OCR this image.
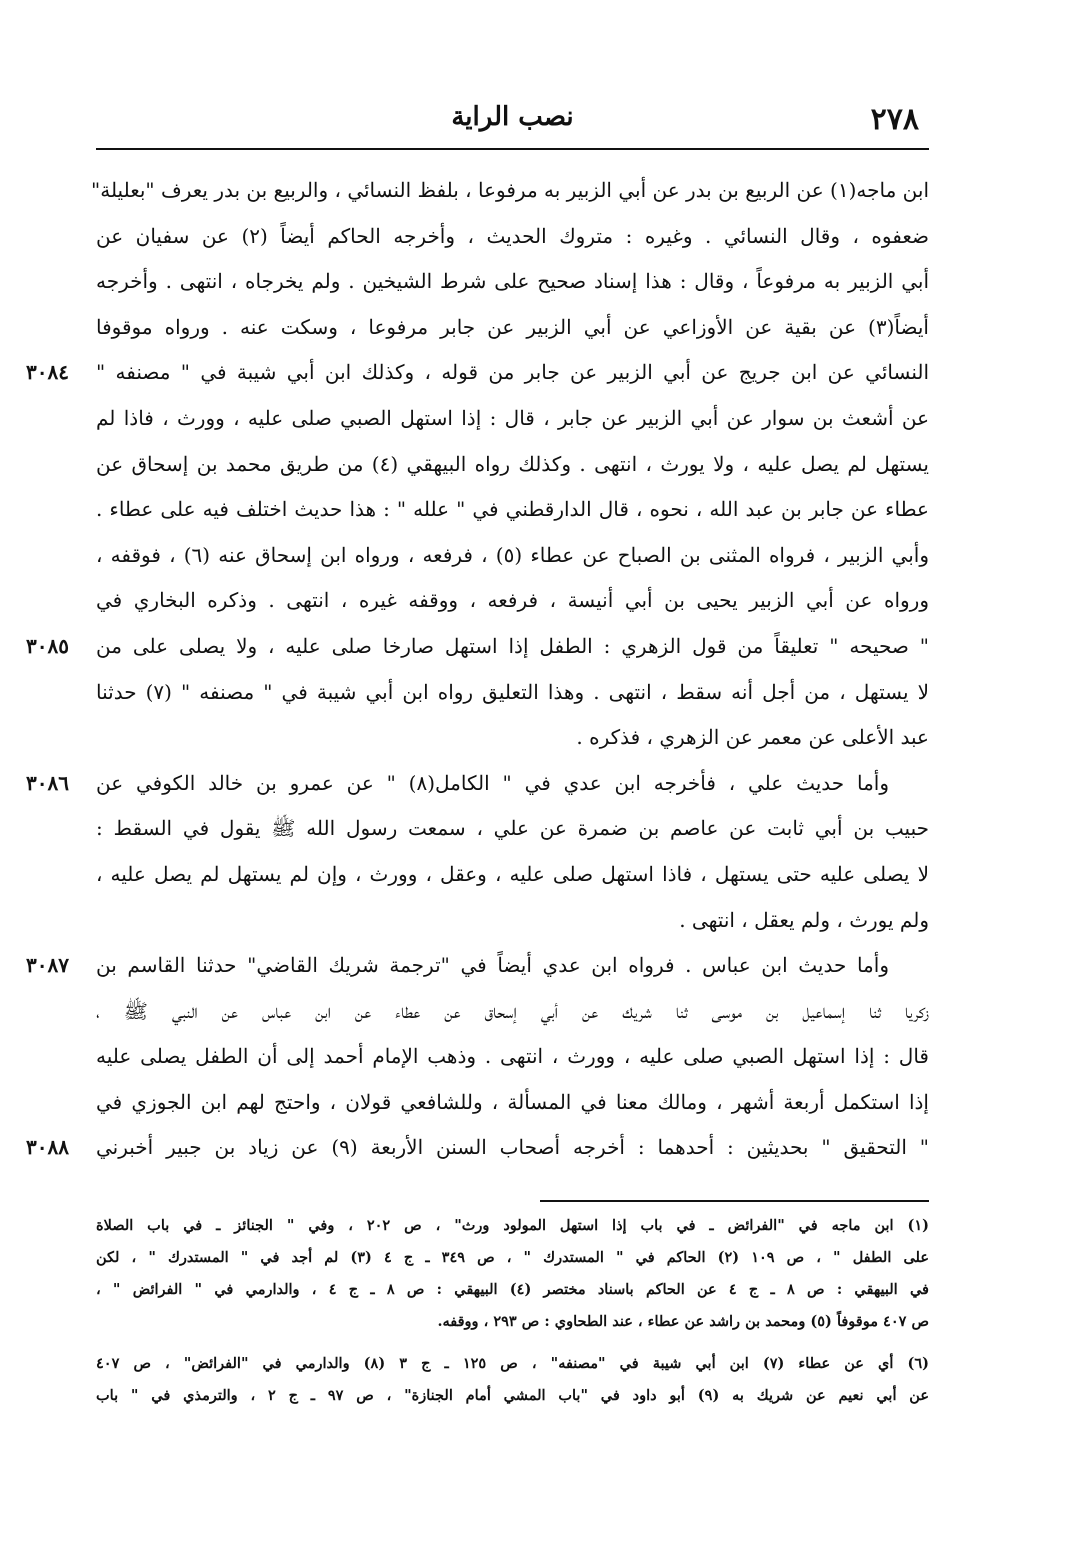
٢٧٨
نصب الراية
ابن ماجه(١) عن الربيع بن بدر عن أبي الزبير به مرفوعا ، بلفظ النسائي ، والربيع بن بدر يعرف "بعليلة"
ضعفوه ، وقال النسائي . وغيره : متروك الحديث ، وأخرجه الحاكم أيضاً (٢) عن سفيان عن
أبي الزبير به مرفوعاً ، وقال : هذا إسناد صحيح على شرط الشيخين . ولم يخرجاه ، انتهى . وأخرجه
أيضاً(٣) عن بقية عن الأوزاعي عن أبي الزبير عن جابر مرفوعا ، وسكت عنه . ورواه موقوفا
النسائي عن ابن جريج عن أبي الزبير عن جابر من قوله ، وكذلك ابن أبي شيبة في " مصنفه "
٣٠٨٤
عن أشعث بن سوار عن أبي الزبير عن جابر ، قال : إذا استهل الصبي صلى عليه ، وورث ، فاذا لم
يستهل لم يصل عليه ، ولا يورث ، انتهى . وكذلك رواه البيهقي (٤) من طريق محمد بن إسحاق عن
عطاء عن جابر بن عبد الله ، نحوه ، قال الدارقطني في " علله " : هذا حديث اختلف فيه على عطاء .
وأبي الزبير ، فرواه المثنى بن الصباح عن عطاء (٥) ، فرفعه ، ورواه ابن إسحاق عنه (٦) ، فوقفه ،
ورواه عن أبي الزبير يحيى بن أبي أنيسة ، فرفعه ، ووقفه غيره ، انتهى . وذكره البخاري في
" صحيحه " تعليقاً من قول الزهري : الطفل إذا استهل صارخا صلى عليه ، ولا يصلى على من
٣٠٨٥
لا يستهل ، من أجل أنه سقط ، انتهى . وهذا التعليق رواه ابن أبي شيبة في " مصنفه " (٧) حدثنا
عبد الأعلى عن معمر عن الزهري ، فذكره .
وأما حديث علي ، فأخرجه ابن عدي في " الكامل(٨) " عن عمرو بن خالد الكوفي عن
٣٠٨٦
حبيب بن أبي ثابت عن عاصم بن ضمرة عن علي ، سمعت رسول الله ﷺ يقول في السقط :
لا يصلى عليه حتى يستهل ، فاذا استهل صلى عليه ، وعقل ، وورث ، وإن لم يستهل لم يصل عليه ،
ولم يورث ، ولم يعقل ، انتهى .
وأما حديث ابن عباس . فرواه ابن عدي أيضاً في "ترجمة شريك القاضي" حدثنا القاسم بن
٣٠٨٧
زكريا ثنا إسماعيل بن موسى ثنا شريك عن أبي إسحاق عن عطاء عن ابن عباس عن النبي ﷺ ،
قال : إذا استهل الصبي صلى عليه ، وورث ، انتهى . وذهب الإمام أحمد إلى أن الطفل يصلى عليه
إذا استكمل أربعة أشهر ، ومالك معنا في المسألة ، وللشافعي قولان ، واحتج لهم ابن الجوزي في
" التحقيق " بحديثين : أحدهما : أخرجه أصحاب السنن الأربعة (٩) عن زياد بن جبير أخبرني
٣٠٨٨
(١) ابن ماجه في "الفرائض ـ في باب إذا استهل المولود ورث" ، ص ٢٠٢ ، وفي " الجنائز ـ في باب الصلاة
على الطفل " ، ص ١٠٩ (٢) الحاكم في " المستدرك " ، ص ٣٤٩ ـ ج ٤ (٣) لم أجد في " المستدرك " ، لكن
في البيهقي : ص ٨ ـ ج ٤ عن الحاكم باسناد مختصر (٤) البيهقي : ص ٨ ـ ج ٤ ، والدارمي في " الفرائض " ،
ص ٤٠٧ موقوفاً (٥) ومحمد بن راشد عن عطاء ، عند الطحاوي : ص ٢٩٣ ، ووقفه.
(٦) أي عن عطاء (٧) ابن أبي شيبة في "مصنفه" ، ص ١٢٥ ـ ج ٣ (٨) والدارمي في "الفرائض" ، ص ٤٠٧
عن أبي نعيم عن شريك به (٩) أبو داود في "باب المشي أمام الجنازة" ، ص ٩٧ ـ ج ٢ ، والترمذي في " باب
